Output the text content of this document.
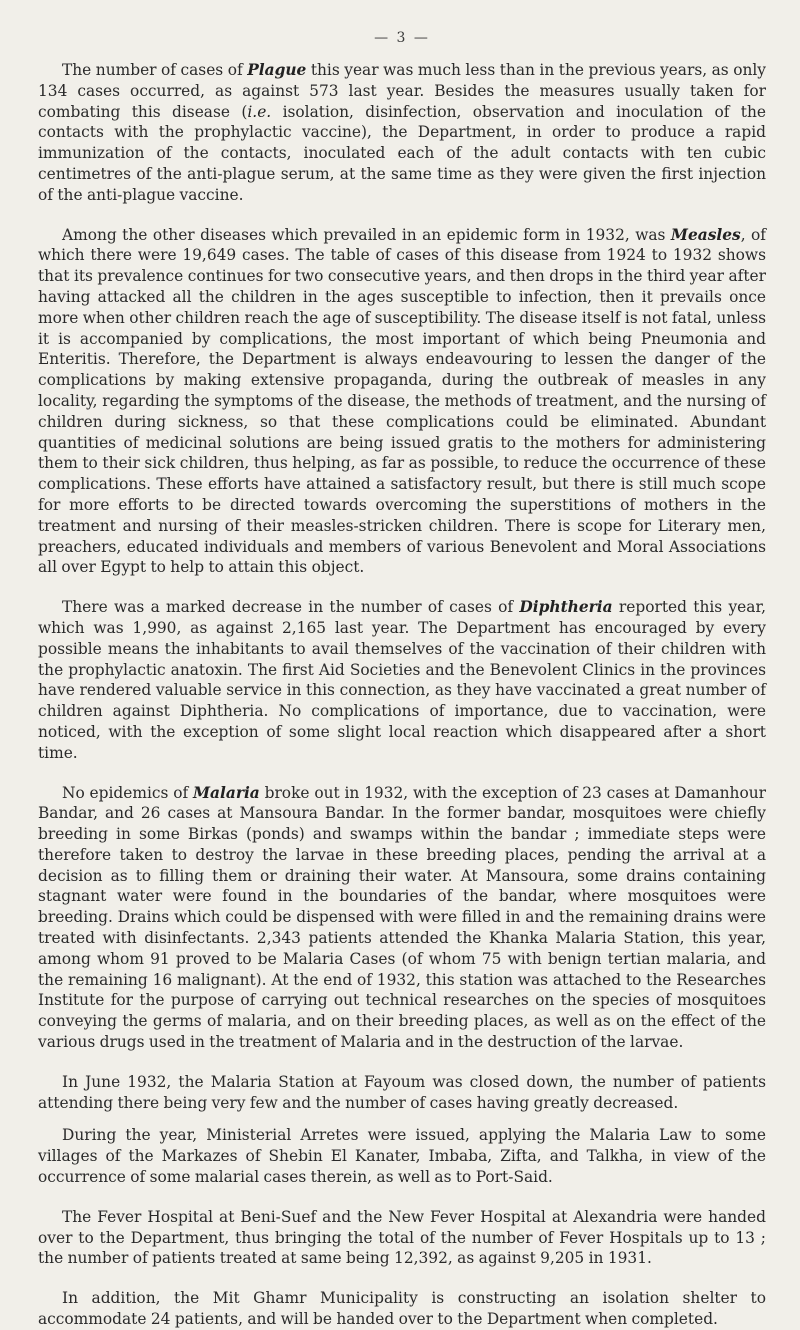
— 3 —

The number of cases of Plague this year was much less than in the previous years, as only 134 cases occurred, as against 573 last year. Besides the measures usually taken for combating this disease (i.e. isolation, disinfection, observation and inoculation of the contacts with the prophylactic vaccine), the Department, in order to produce a rapid immunization of the contacts, inoculated each of the adult contacts with ten cubic centimetres of the anti-plague serum, at the same time as they were given the first injection of the anti-plague vaccine.

Among the other diseases which prevailed in an epidemic form in 1932, was Measles, of which there were 19,649 cases. The table of cases of this disease from 1924 to 1932 shows that its prevalence continues for two consecutive years, and then drops in the third year after having attacked all the children in the ages susceptible to infection, then it prevails once more when other children reach the age of susceptibility. The disease itself is not fatal, unless it is accompanied by complications, the most important of which being Pneumonia and Enteritis. Therefore, the Department is always endeavouring to lessen the danger of the complications by making extensive propaganda, during the outbreak of measles in any locality, regarding the symptoms of the disease, the methods of treatment, and the nursing of children during sickness, so that these complications could be eliminated. Abundant quantities of medicinal solutions are being issued gratis to the mothers for administering them to their sick children, thus helping, as far as possible, to reduce the occurrence of these complications. These efforts have attained a satisfactory result, but there is still much scope for more efforts to be directed towards overcoming the superstitions of mothers in the treatment and nursing of their measles-stricken children. There is scope for Literary men, preachers, educated individuals and members of various Benevolent and Moral Associations all over Egypt to help to attain this object.

There was a marked decrease in the number of cases of Diphtheria reported this year, which was 1,990, as against 2,165 last year. The Department has encouraged by every possible means the inhabitants to avail themselves of the vaccination of their children with the prophylactic anatoxin. The first Aid Societies and the Benevolent Clinics in the provinces have rendered valuable service in this connection, as they have vaccinated a great number of children against Diphtheria. No complications of importance, due to vaccination, were noticed, with the exception of some slight local reaction which disappeared after a short time.

No epidemics of Malaria broke out in 1932, with the exception of 23 cases at Damanhour Bandar, and 26 cases at Mansoura Bandar. In the former bandar, mosquitoes were chiefly breeding in some Birkas (ponds) and swamps within the bandar ; immediate steps were therefore taken to destroy the larvae in these breeding places, pending the arrival at a decision as to filling them or draining their water. At Mansoura, some drains containing stagnant water were found in the boundaries of the bandar, where mosquitoes were breeding. Drains which could be dispensed with were filled in and the remaining drains were treated with disinfectants. 2,343 patients attended the Khanka Malaria Station, this year, among whom 91 proved to be Malaria Cases (of whom 75 with benign tertian malaria, and the remaining 16 malignant). At the end of 1932, this station was attached to the Researches Institute for the purpose of carrying out technical researches on the species of mosquitoes conveying the germs of malaria, and on their breeding places, as well as on the effect of the various drugs used in the treatment of Malaria and in the destruction of the larvae.

In June 1932, the Malaria Station at Fayoum was closed down, the number of patients attending there being very few and the number of cases having greatly decreased.

During the year, Ministerial Arretes were issued, applying the Malaria Law to some villages of the Markazes of Shebin El Kanater, Imbaba, Zifta, and Talkha, in view of the occurrence of some malarial cases therein, as well as to Port-Said.

The Fever Hospital at Beni-Suef and the New Fever Hospital at Alexandria were handed over to the Department, thus bringing the total of the number of Fever Hospitals up to 13 ; the number of patients treated at same being 12,392, as against 9,205 in 1931.

In addition, the Mit Ghamr Municipality is constructing an isolation shelter to accommodate 24 patients, and will be handed over to the Department when completed.
